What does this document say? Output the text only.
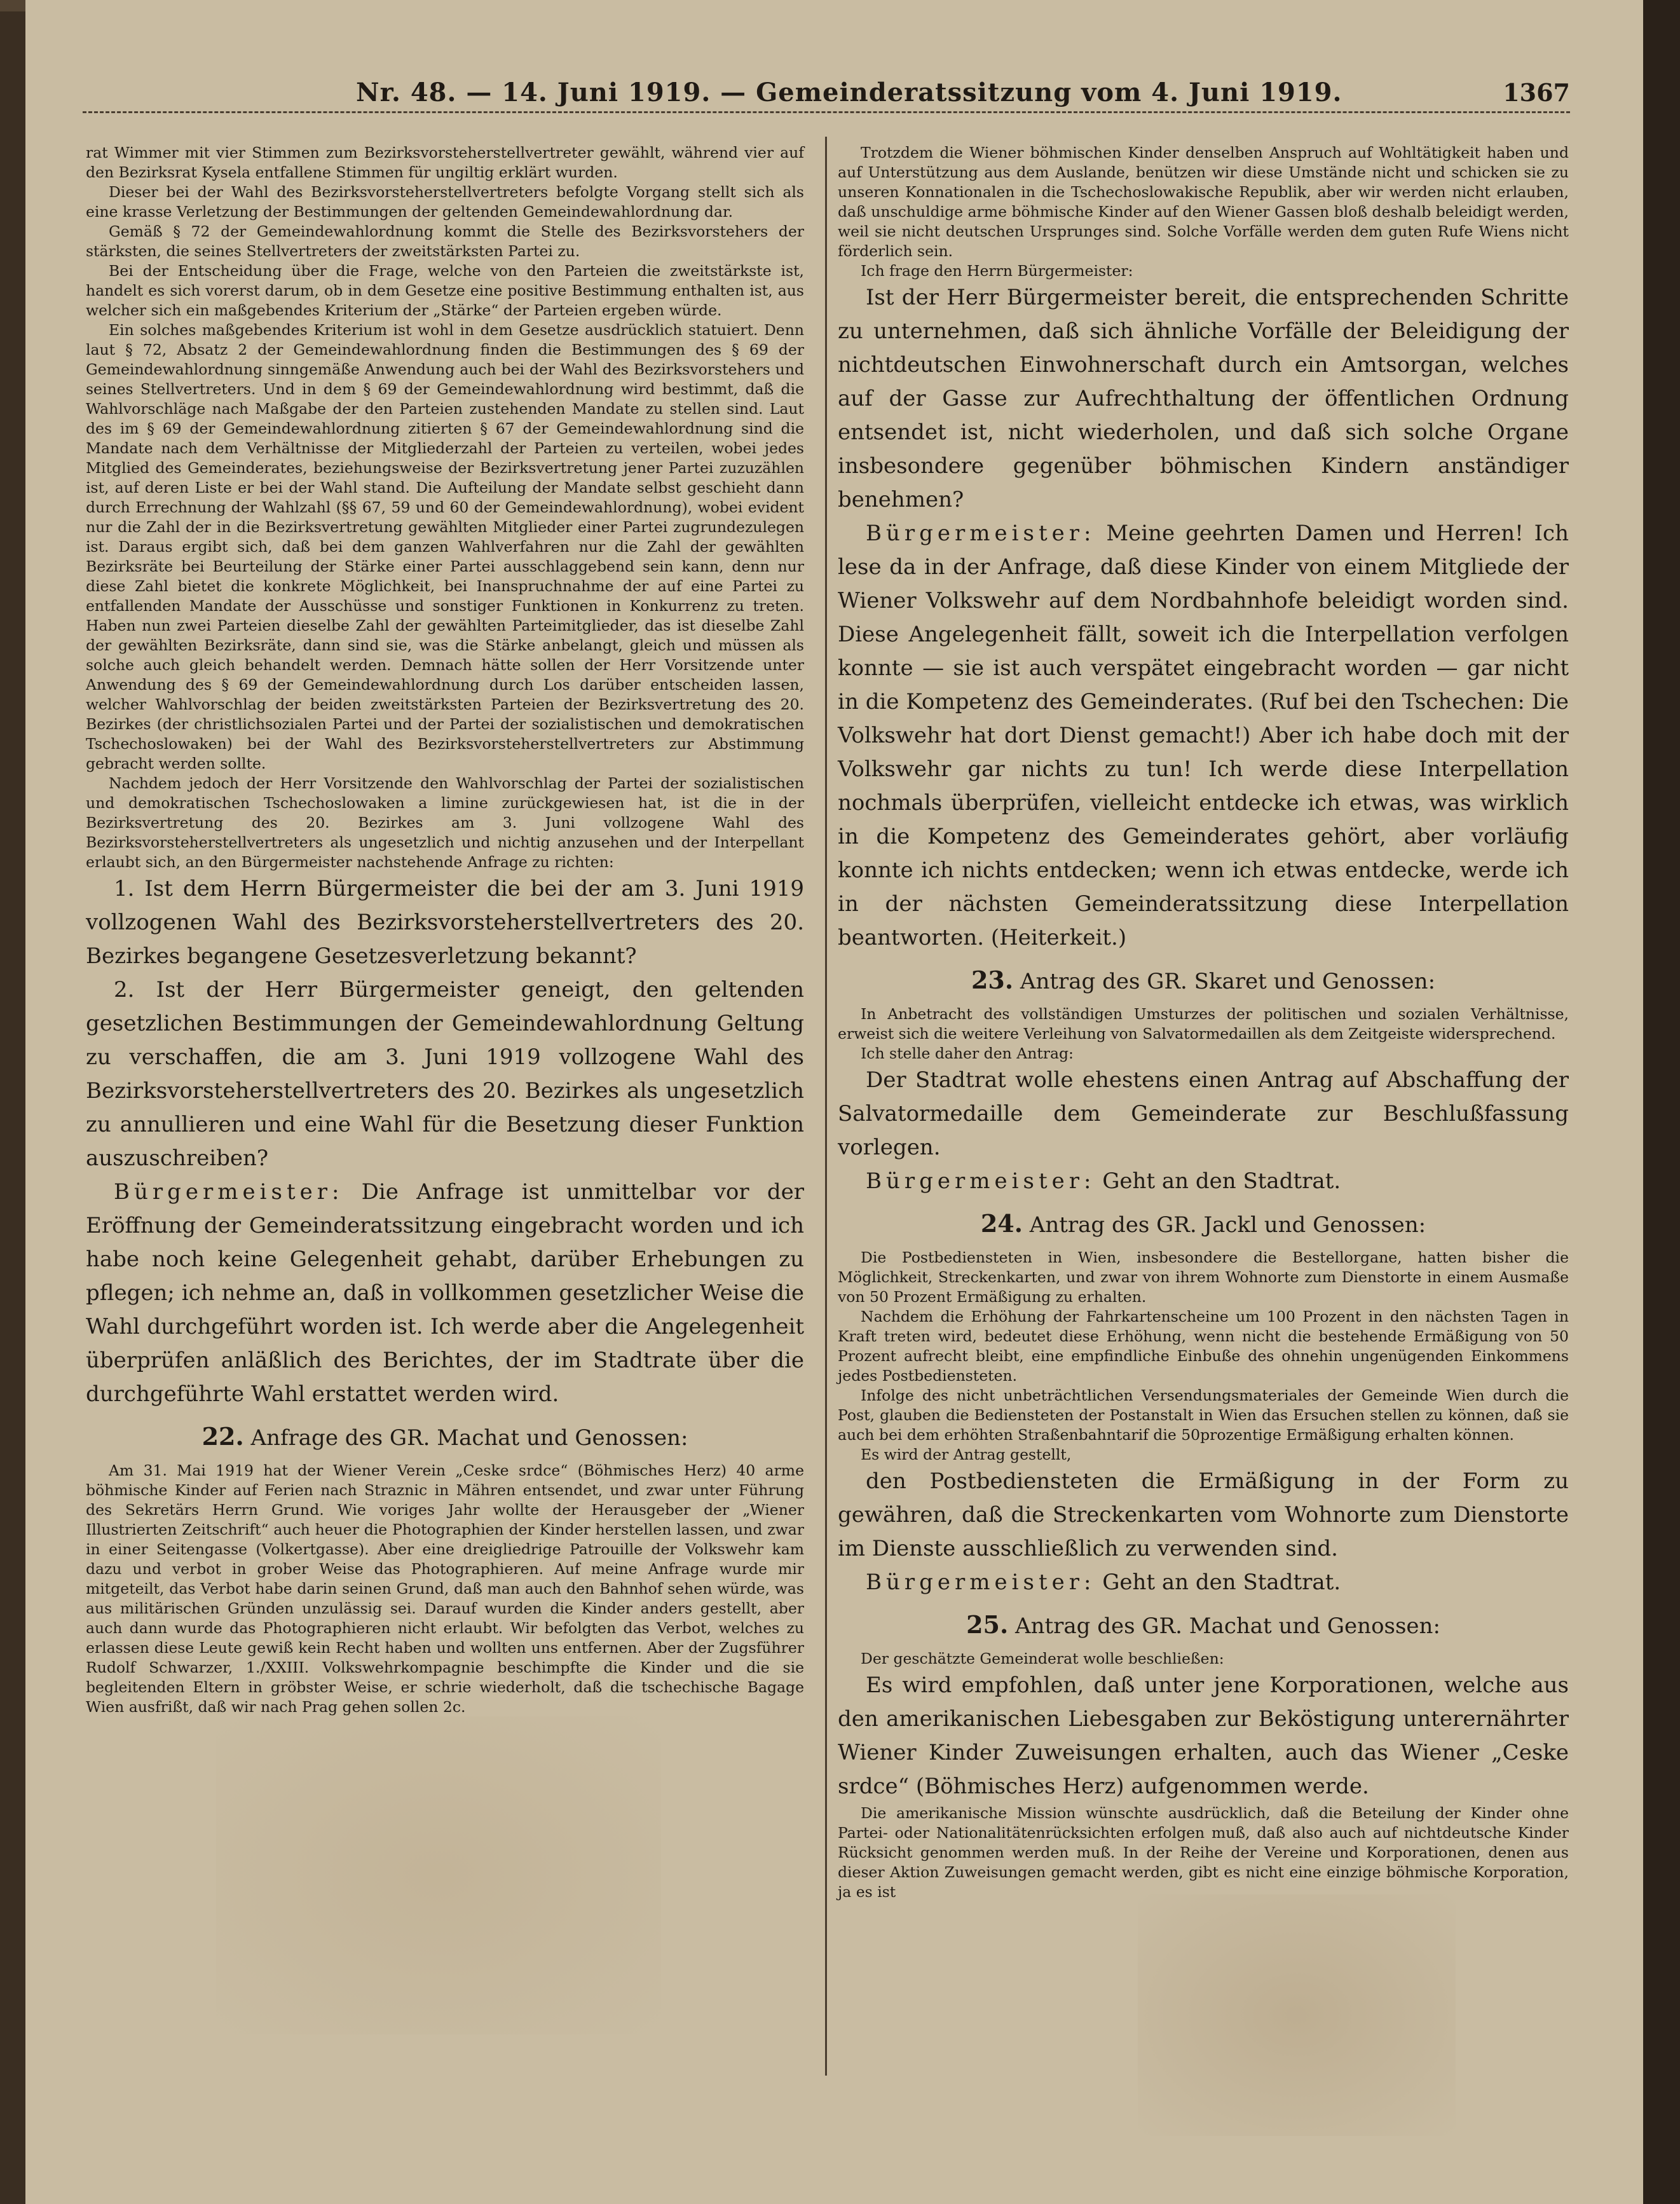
Nr. 48. — 14. Juni 1919. — Gemeinderatssitzung vom 4. Juni 1919.	1367

rat Wimmer mit vier Stimmen zum Bezirksvorsteherstellvertreter gewählt, während vier auf den Bezirksrat Kysela entfallene Stimmen für ungiltig erklärt wurden.

Dieser bei der Wahl des Bezirksvorsteherstellvertreters befolgte Vorgang stellt sich als eine krasse Verletzung der Bestimmungen der geltenden Gemeindewahlordnung dar.

Gemäß § 72 der Gemeindewahlordnung kommt die Stelle des Bezirksvorstehers der stärksten, die seines Stellvertreters der zweitstärksten Partei zu.

Bei der Entscheidung über die Frage, welche von den Parteien die zweitstärkste ist, handelt es sich vorerst darum, ob in dem Gesetze eine positive Bestimmung enthalten ist, aus welcher sich ein maßgebendes Kriterium der „Stärke“ der Parteien ergeben würde.

Ein solches maßgebendes Kriterium ist wohl in dem Gesetze ausdrücklich statuiert. Denn laut § 72, Absatz 2 der Gemeindewahlordnung finden die Bestimmungen des § 69 der Gemeindewahlordnung sinngemäße Anwendung auch bei der Wahl des Bezirksvorstehers und seines Stellvertreters. Und in dem § 69 der Gemeindewahlordnung wird bestimmt, daß die Wahlvorschläge nach Maßgabe der den Parteien zustehenden Mandate zu stellen sind. Laut des im § 69 der Gemeindewahlordnung zitierten § 67 der Gemeindewahlordnung sind die Mandate nach dem Verhältnisse der Mitgliederzahl der Parteien zu verteilen, wobei jedes Mitglied des Gemeinderates, beziehungsweise der Bezirksvertretung jener Partei zuzuzählen ist, auf deren Liste er bei der Wahl stand. Die Aufteilung der Mandate selbst geschieht dann durch Errechnung der Wahlzahl (§§ 67, 59 und 60 der Gemeindewahlordnung), wobei evident nur die Zahl der in die Bezirksvertretung gewählten Mitglieder einer Partei zugrundezulegen ist. Daraus ergibt sich, daß bei dem ganzen Wahlverfahren nur die Zahl der gewählten Bezirksräte bei Beurteilung der Stärke einer Partei ausschlaggebend sein kann, denn nur diese Zahl bietet die konkrete Möglichkeit, bei Inanspruchnahme der auf eine Partei zu entfallenden Mandate der Ausschüsse und sonstiger Funktionen in Konkurrenz zu treten. Haben nun zwei Parteien dieselbe Zahl der gewählten Parteimitglieder, das ist dieselbe Zahl der gewählten Bezirksräte, dann sind sie, was die Stärke anbelangt, gleich und müssen als solche auch gleich behandelt werden. Demnach hätte sollen der Herr Vorsitzende unter Anwendung des § 69 der Gemeindewahlordnung durch Los darüber entscheiden lassen, welcher Wahlvorschlag der beiden zweitstärksten Parteien der Bezirksvertretung des 20. Bezirkes (der christlichsozialen Partei und der Partei der sozialistischen und demokratischen Tschechoslowaken) bei der Wahl des Bezirksvorsteherstellvertreters zur Abstimmung gebracht werden sollte.

Nachdem jedoch der Herr Vorsitzende den Wahlvorschlag der Partei der sozialistischen und demokratischen Tschechoslowaken a limine zurückgewiesen hat, ist die in der Bezirksvertretung des 20. Bezirkes am 3. Juni vollzogene Wahl des Bezirksvorsteherstellvertreters als ungesetzlich und nichtig anzusehen und der Interpellant erlaubt sich, an den Bürgermeister nachstehende Anfrage zu richten:

1. Ist dem Herrn Bürgermeister die bei der am 3. Juni 1919 vollzogenen Wahl des Bezirksvorsteherstellvertreters des 20. Bezirkes begangene Gesetzesverletzung bekannt?

2. Ist der Herr Bürgermeister geneigt, den geltenden gesetzlichen Bestimmungen der Gemeindewahlordnung Geltung zu verschaffen, die am 3. Juni 1919 vollzogene Wahl des Bezirksvorsteherstellvertreters des 20. Bezirkes als ungesetzlich zu annullieren und eine Wahl für die Besetzung dieser Funktion auszuschreiben?

Bürgermeister: Die Anfrage ist unmittelbar vor der Eröffnung der Gemeinderatssitzung eingebracht worden und ich habe noch keine Gelegenheit gehabt, darüber Erhebungen zu pflegen; ich nehme an, daß in vollkommen gesetzlicher Weise die Wahl durchgeführt worden ist. Ich werde aber die Angelegenheit überprüfen anläßlich des Berichtes, der im Stadtrate über die durchgeführte Wahl erstattet werden wird.

22. Anfrage des GR. Machat und Genossen:

Am 31. Mai 1919 hat der Wiener Verein „Ceske srdce“ (Böhmisches Herz) 40 arme böhmische Kinder auf Ferien nach Straznic in Mähren entsendet, und zwar unter Führung des Sekretärs Herrn Grund. Wie voriges Jahr wollte der Herausgeber der „Wiener Illustrierten Zeitschrift“ auch heuer die Photographien der Kinder herstellen lassen, und zwar in einer Seitengasse (Volkertgasse). Aber eine dreigliedrige Patrouille der Volkswehr kam dazu und verbot in grober Weise das Photographieren. Auf meine Anfrage wurde mir mitgeteilt, das Verbot habe darin seinen Grund, daß man auch den Bahnhof sehen würde, was aus militärischen Gründen unzulässig sei. Darauf wurden die Kinder anders gestellt, aber auch dann wurde das Photographieren nicht erlaubt. Wir befolgten das Verbot, welches zu erlassen diese Leute gewiß kein Recht haben und wollten uns entfernen. Aber der Zugsführer Rudolf Schwarzer, 1./XXIII. Volkswehrkompagnie beschimpfte die Kinder und die sie begleitenden Eltern in gröbster Weise, er schrie wiederholt, daß die tschechische Bagage Wien ausfrißt, daß wir nach Prag gehen sollen 2c.

Trotzdem die Wiener böhmischen Kinder denselben Anspruch auf Wohltätigkeit haben und auf Unterstützung aus dem Auslande, benützen wir diese Umstände nicht und schicken sie zu unseren Konnationalen in die Tschechoslowakische Republik, aber wir werden nicht erlauben, daß unschuldige arme böhmische Kinder auf den Wiener Gassen bloß deshalb beleidigt werden, weil sie nicht deutschen Ursprunges sind. Solche Vorfälle werden dem guten Rufe Wiens nicht förderlich sein.

Ich frage den Herrn Bürgermeister:

Ist der Herr Bürgermeister bereit, die entsprechenden Schritte zu unternehmen, daß sich ähnliche Vorfälle der Beleidigung der nichtdeutschen Einwohnerschaft durch ein Amtsorgan, welches auf der Gasse zur Aufrechthaltung der öffentlichen Ordnung entsendet ist, nicht wiederholen, und daß sich solche Organe insbesondere gegenüber böhmischen Kindern anständiger benehmen?

Bürgermeister: Meine geehrten Damen und Herren! Ich lese da in der Anfrage, daß diese Kinder von einem Mitgliede der Wiener Volkswehr auf dem Nordbahnhofe beleidigt worden sind. Diese Angelegenheit fällt, soweit ich die Interpellation verfolgen konnte — sie ist auch verspätet eingebracht worden — gar nicht in die Kompetenz des Gemeinderates. (Ruf bei den Tschechen: Die Volkswehr hat dort Dienst gemacht!) Aber ich habe doch mit der Volkswehr gar nichts zu tun! Ich werde diese Interpellation nochmals überprüfen, vielleicht entdecke ich etwas, was wirklich in die Kompetenz des Gemeinderates gehört, aber vorläufig konnte ich nichts entdecken; wenn ich etwas entdecke, werde ich in der nächsten Gemeinderatssitzung diese Interpellation beantworten. (Heiterkeit.)

23. Antrag des GR. Skaret und Genossen:

In Anbetracht des vollständigen Umsturzes der politischen und sozialen Verhältnisse, erweist sich die weitere Verleihung von Salvatormedaillen als dem Zeitgeiste widersprechend.

Ich stelle daher den Antrag:

Der Stadtrat wolle ehestens einen Antrag auf Abschaffung der Salvatormedaille dem Gemeinderate zur Beschlußfassung vorlegen.

Bürgermeister: Geht an den Stadtrat.

24. Antrag des GR. Jackl und Genossen:

Die Postbediensteten in Wien, insbesondere die Bestellorgane, hatten bisher die Möglichkeit, Streckenkarten, und zwar von ihrem Wohnorte zum Dienstorte in einem Ausmaße von 50 Prozent Ermäßigung zu erhalten.

Nachdem die Erhöhung der Fahrkartenscheine um 100 Prozent in den nächsten Tagen in Kraft treten wird, bedeutet diese Erhöhung, wenn nicht die bestehende Ermäßigung von 50 Prozent aufrecht bleibt, eine empfindliche Einbuße des ohnehin ungenügenden Einkommens jedes Postbediensteten.

Infolge des nicht unbeträchtlichen Versendungsmateriales der Gemeinde Wien durch die Post, glauben die Bediensteten der Postanstalt in Wien das Ersuchen stellen zu können, daß sie auch bei dem erhöhten Straßenbahntarif die 50prozentige Ermäßigung erhalten können.

Es wird der Antrag gestellt,

den Postbediensteten die Ermäßigung in der Form zu gewähren, daß die Streckenkarten vom Wohnorte zum Dienstorte im Dienste ausschließlich zu verwenden sind.

Bürgermeister: Geht an den Stadtrat.

25. Antrag des GR. Machat und Genossen:

Der geschätzte Gemeinderat wolle beschließen:

Es wird empfohlen, daß unter jene Korporationen, welche aus den amerikanischen Liebesgaben zur Beköstigung unterernährter Wiener Kinder Zuweisungen erhalten, auch das Wiener „Ceske srdce“ (Böhmisches Herz) aufgenommen werde.

Die amerikanische Mission wünschte ausdrücklich, daß die Beteilung der Kinder ohne Partei- oder Nationalitätenrücksichten erfolgen muß, daß also auch auf nichtdeutsche Kinder Rücksicht genommen werden muß. In der Reihe der Vereine und Korporationen, denen aus dieser Aktion Zuweisungen gemacht werden, gibt es nicht eine einzige böhmische Korporation, ja es ist
